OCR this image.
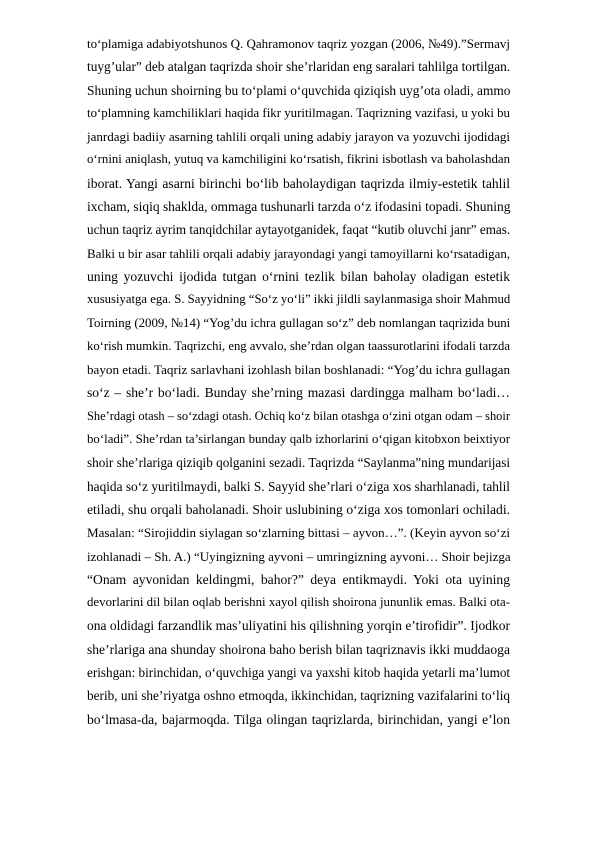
to‘plamiga adabiyotshunos Q. Qahramonov taqriz yozgan (2006, №49).”Sermavj
tuyg’ular” deb atalgan taqrizda shoir she’rlaridan eng saralari tahlilga tortilgan.
Shuning uchun shoirning bu to‘plami o‘quvchida qiziqish uyg’ota oladi, ammo
to‘plamning kamchiliklari haqida fikr yuritilmagan. Taqrizning vazifasi, u yoki bu
janrdagi badiiy asarning tahlili orqali uning adabiy jarayon va yozuvchi ijodidagi
o‘rnini aniqlash, yutuq va kamchiligini ko‘rsatish, fikrini isbotlash va baholashdan
iborat. Yangi asarni birinchi bo‘lib baholaydigan taqrizda ilmiy-estetik tahlil
ixcham, siqiq shaklda, ommaga tushunarli tarzda o‘z ifodasini topadi. Shuning
uchun taqriz ayrim tanqidchilar aytayotganidek, faqat “kutib oluvchi janr” emas.
Balki u bir asar tahlili orqali adabiy jarayondagi yangi tamoyillarni ko‘rsatadigan,
uning yozuvchi ijodida tutgan o‘rnini tezlik bilan baholay oladigan estetik
xususiyatga ega. S. Sayyidning “So‘z yo‘li” ikki jildli saylanmasiga shoir Mahmud
Toirning (2009, №14) “Yog’du ichra gullagan so‘z” deb nomlangan taqrizida buni
ko‘rish mumkin. Taqrizchi, eng avvalo, she’rdan olgan taassurotlarini ifodali tarzda
bayon etadi. Taqriz sarlavhani izohlash bilan boshlanadi: “Yog’du ichra gullagan
so‘z – she’r bo‘ladi. Bunday she’rning mazasi dardingga malham bo‘ladi…
She’rdagi otash – so‘zdagi otash. Ochiq ko‘z bilan otashga o‘zini otgan odam – shoir
bo‘ladi”. She’rdan ta’sirlangan bunday qalb izhorlarini o‘qigan kitobxon beixtiyor
shoir she’rlariga qiziqib qolganini sezadi. Taqrizda “Saylanma”ning mundarijasi
haqida so‘z yuritilmaydi, balki S. Sayyid she’rlari o‘ziga xos sharhlanadi, tahlil
etiladi, shu orqali baholanadi. Shoir uslubining o‘ziga xos tomonlari ochiladi.
Masalan: “Sirojiddin siylagan so‘zlarning bittasi – ayvon…”. (Keyin ayvon so‘zi
izohlanadi – Sh. A.) “Uyingizning ayvoni – umringizning ayvoni… Shoir bejizga
“Onam ayvonidan keldingmi, bahor?” deya entikmaydi. Yoki ota uyining
devorlarini dil bilan oqlab berishni xayol qilish shoirona jununlik emas. Balki ota-
ona oldidagi farzandlik mas’uliyatini his qilishning yorqin e’tirofidir”. Ijodkor
she’rlariga ana shunday shoirona baho berish bilan taqriznavis ikki muddaoga
erishgan: birinchidan, o‘quvchiga yangi va yaxshi kitob haqida yetarli ma’lumot
berib, uni she’riyatga oshno etmoqda, ikkinchidan, taqrizning vazifalarini to‘liq
bo‘lmasa-da, bajarmoqda. Tilga olingan taqrizlarda, birinchidan, yangi e’lon
